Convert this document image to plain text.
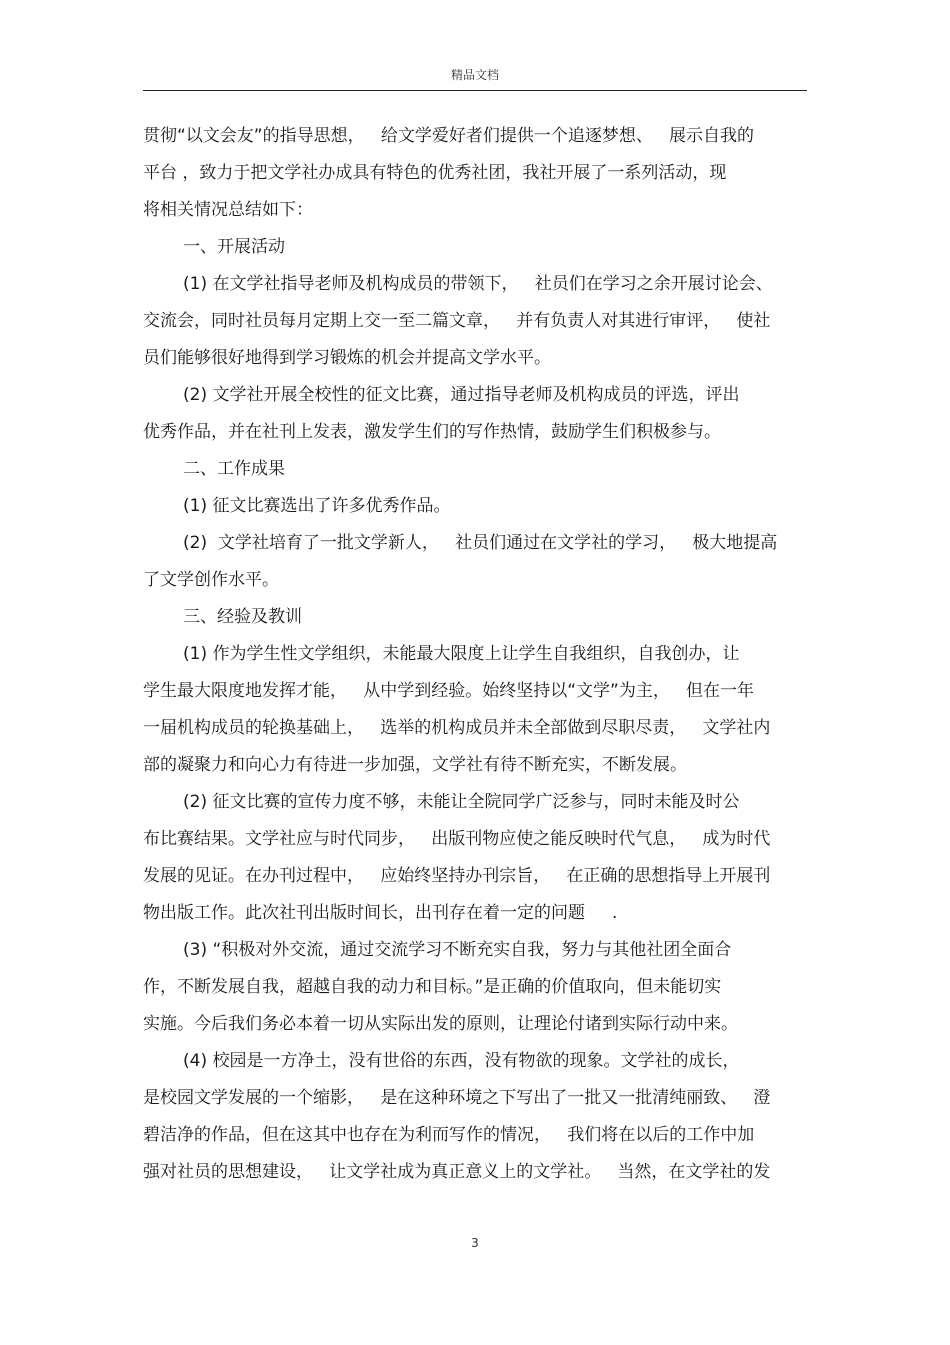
精品文档
贯彻“以文会友”的指导思想，   给文学爱好者们提供一个追逐梦想、   展示自我的
平台 ，致力于把文学社办成具有特色的优秀社团，我社开展了一系列活动，现
将相关情况总结如下：
一、开展活动
(1) 在文学社指导老师及机构成员的带领下，   社员们在学习之余开展讨论会、
交流会，同时社员每月定期上交一至二篇文章，   并有负责人对其进行审评，   使社
员们能够很好地得到学习锻炼的机会并提高文学水平。
(2) 文学社开展全校性的征文比赛，通过指导老师及机构成员的评选，评出
优秀作品，并在社刊上发表，激发学生们的写作热情，鼓励学生们积极参与。
二、工作成果
(1) 征文比赛选出了许多优秀作品。
(2)  文学社培育了一批文学新人，   社员们通过在文学社的学习，   极大地提高
了文学创作水平。
三、经验及教训
(1) 作为学生性文学组织，未能最大限度上让学生自我组织，自我创办，让
学生最大限度地发挥才能，   从中学到经验。始终坚持以“文学”为主，   但在一年
一届机构成员的轮换基础上，   选举的机构成员并未全部做到尽职尽责，   文学社内
部的凝聚力和向心力有待进一步加强，文学社有待不断充实，不断发展。
(2) 征文比赛的宣传力度不够，未能让全院同学广泛参与，同时未能及时公
布比赛结果。文学社应与时代同步，   出版刊物应使之能反映时代气息，   成为时代
发展的见证。在办刊过程中，   应始终坚持办刊宗旨，   在正确的思想指导上开展刊
物出版工作。此次社刊出版时间长，出刊存在着一定的问题     .
(3) “积极对外交流，通过交流学习不断充实自我，努力与其他社团全面合
作，不断发展自我，超越自我的动力和目标。”是正确的价值取向，但未能切实
实施。今后我们务必本着一切从实际出发的原则，让理论付诸到实际行动中来。
(4) 校园是一方净土，没有世俗的东西，没有物欲的现象。文学社的成长，
是校园文学发展的一个缩影，   是在这种环境之下写出了一批又一批清纯丽致、   澄
碧洁净的作品，但在这其中也存在为利而写作的情况，   我们将在以后的工作中加
强对社员的思想建设，   让文学社成为真正意义上的文学社。   当然，在文学社的发
3
